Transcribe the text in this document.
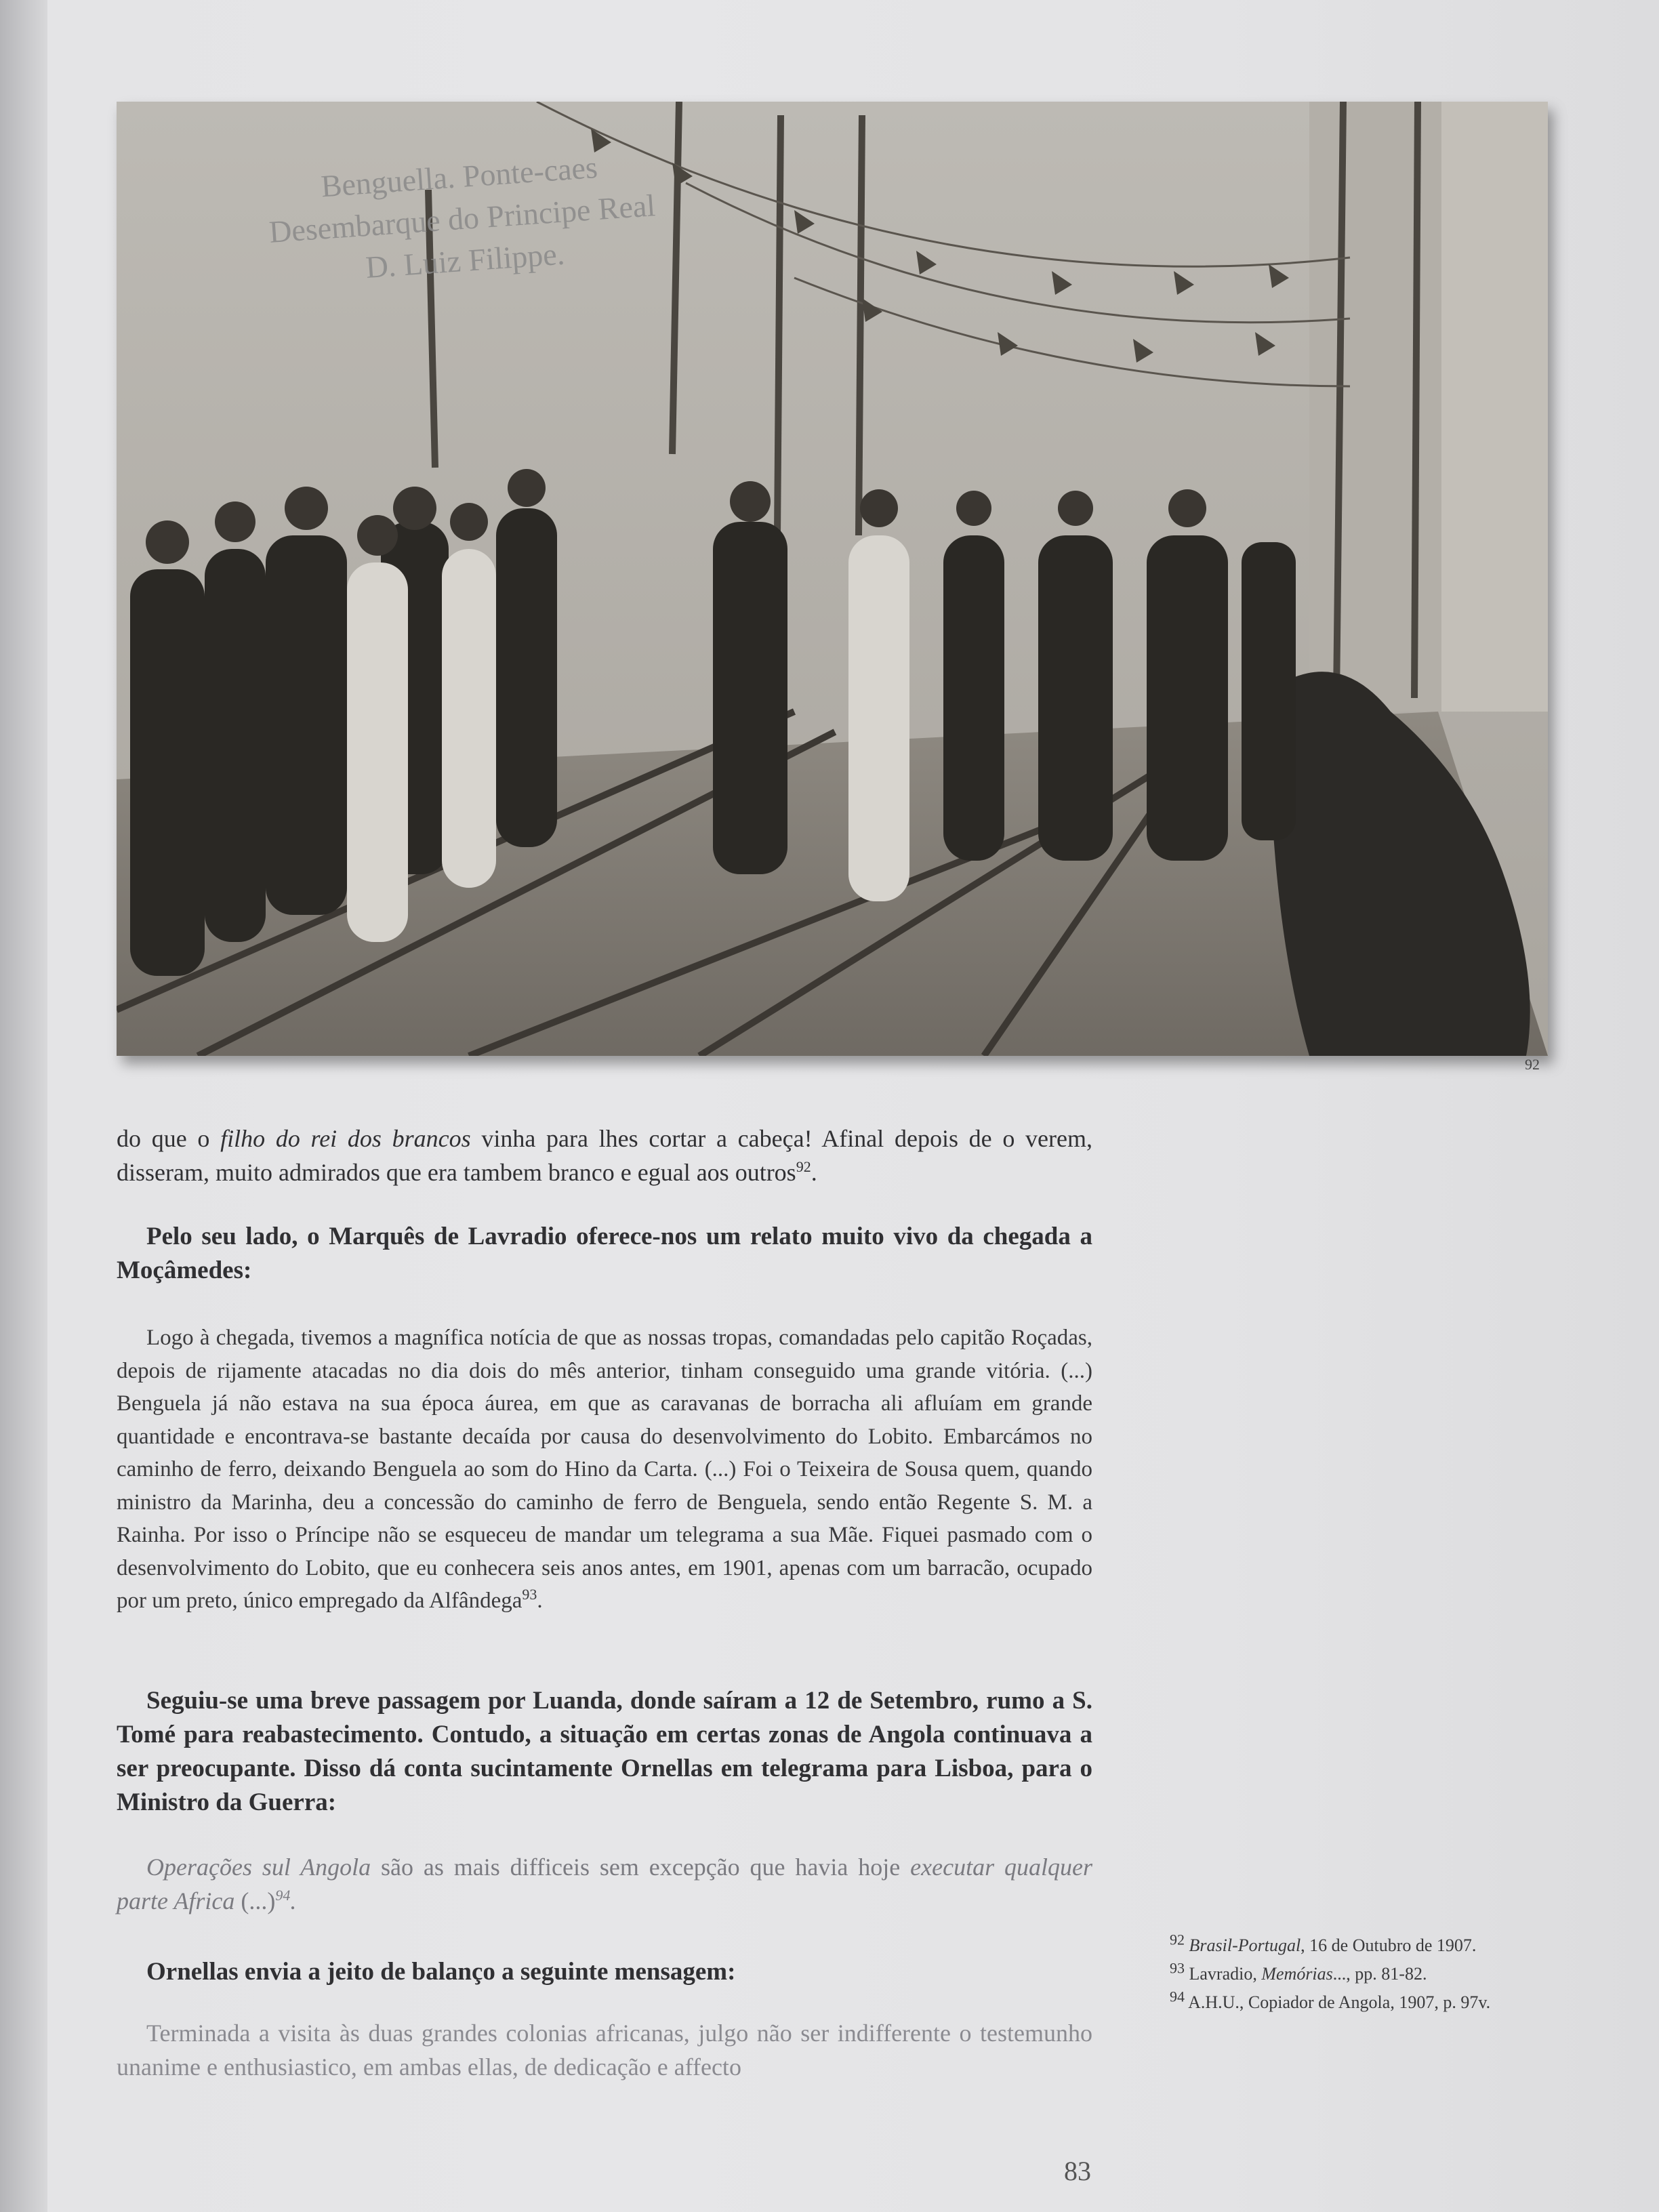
Benguella. Ponte-caes
Desembarque do Principe Real
D. Luiz Filippe.
92
do que o filho do rei dos brancos vinha para lhes cortar a cabeça! Afinal depois de o verem, disseram, muito admirados que era tambem branco e egual aos outros$^{92}$.
Pelo seu lado, o Marquês de Lavradio oferece-nos um relato muito vivo da chegada a Moçâmedes:
Logo à chegada, tivemos a magnífica notícia de que as nossas tropas, comandadas pelo capitão Roçadas, depois de rijamente atacadas no dia dois do mês anterior, tinham conseguido uma grande vitória. (...) Benguela já não estava na sua época áurea, em que as caravanas de borracha ali afluíam em grande quantidade e encontrava-se bastante decaída por causa do desenvolvimento do Lobito. Embarcámos no caminho de ferro, deixando Benguela ao som do Hino da Carta. (...) Foi o Teixeira de Sousa quem, quando ministro da Marinha, deu a concessão do caminho de ferro de Benguela, sendo então Regente S. M. a Rainha. Por isso o Príncipe não se esqueceu de mandar um telegrama a sua Mãe. Fiquei pasmado com o desenvolvimento do Lobito, que eu conhecera seis anos antes, em 1901, apenas com um barracão, ocupado por um preto, único empregado da Alfândega$^{93}$.
Seguiu-se uma breve passagem por Luanda, donde saíram a 12 de Setembro, rumo a S. Tomé para reabastecimento. Contudo, a situação em certas zonas de Angola continuava a ser preocupante. Disso dá conta sucintamente Ornellas em telegrama para Lisboa, para o Ministro da Guerra:
Operações sul Angola são as mais difficeis sem excepção que havia hoje executar qualquer parte Africa (...)$^{94}$.
Ornellas envia a jeito de balanço a seguinte mensagem:
Terminada a visita às duas grandes colonias africanas, julgo não ser indifferente o testemunho unanime e enthusiastico, em ambas ellas, de dedicação e affecto
$^{92}$ Brasil-Portugal, 16 de Outubro de 1907.
$^{93}$ Lavradio, Memórias..., pp. 81-82.
$^{94}$ A.H.U., Copiador de Angola, 1907, p. 97v.
83
